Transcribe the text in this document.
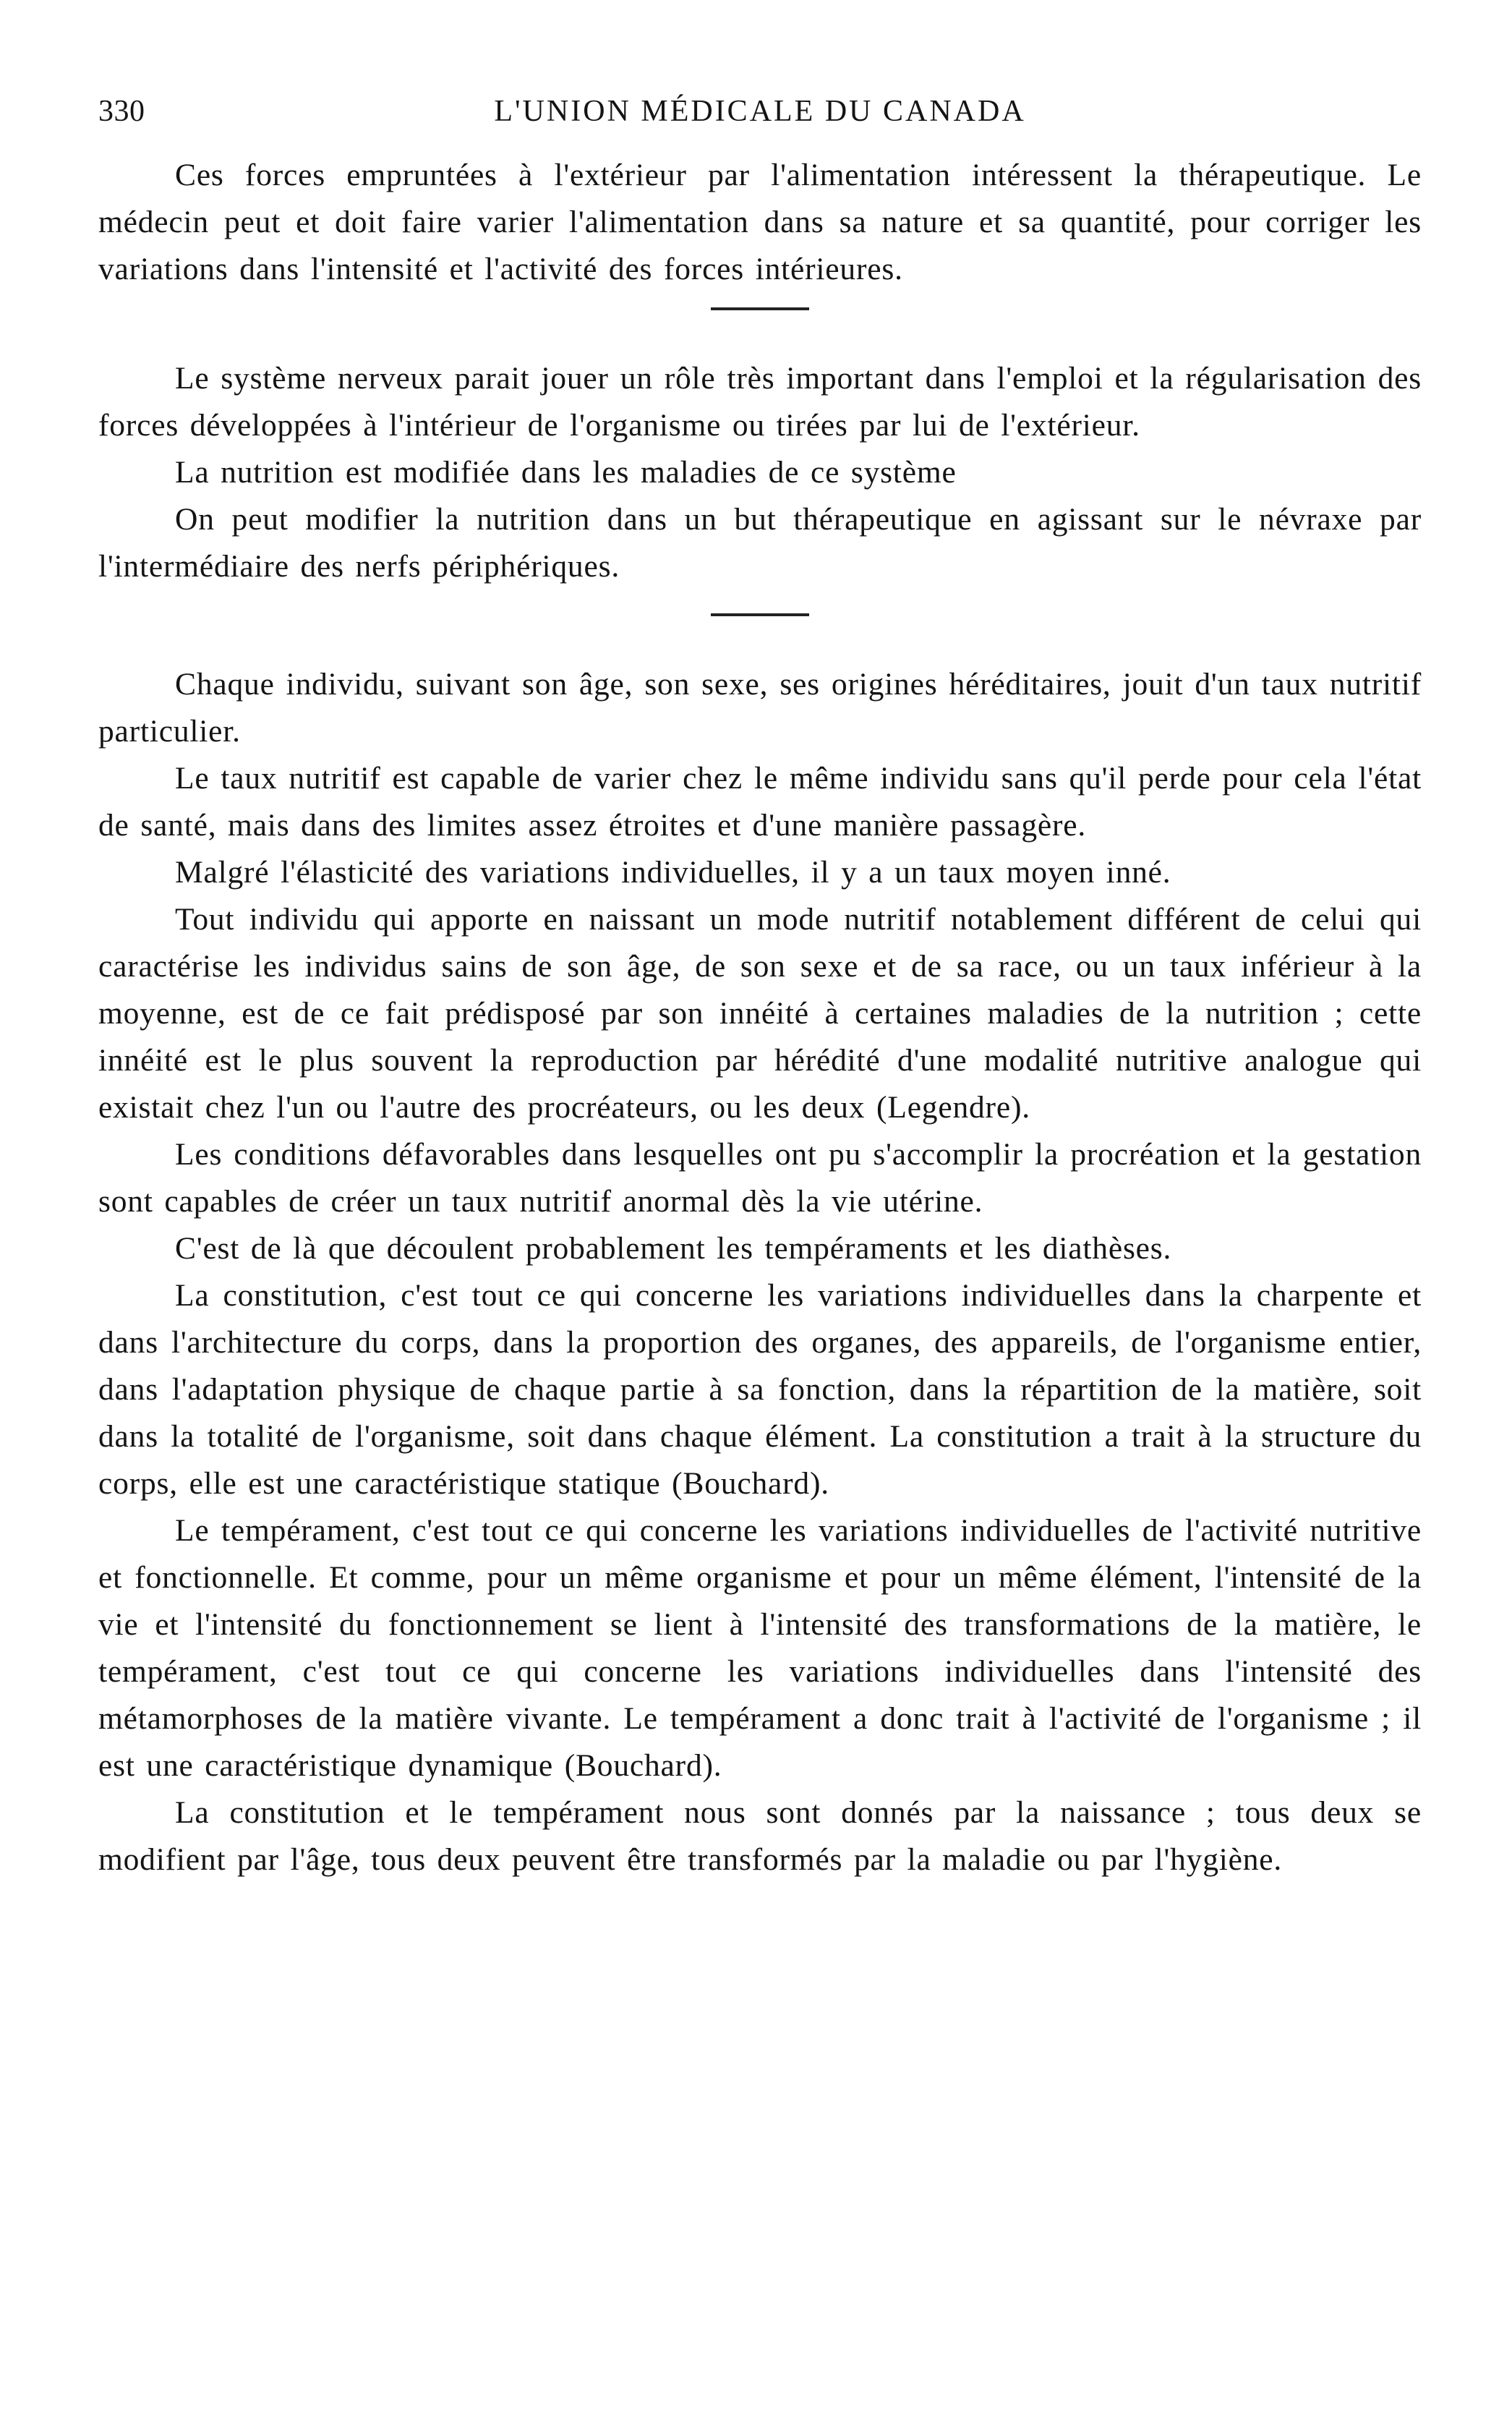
330	L'UNION MÉDICALE DU CANADA

Ces forces empruntées à l'extérieur par l'alimentation intéressent la thérapeutique. Le médecin peut et doit faire varier l'alimentation dans sa nature et sa quantité, pour corriger les variations dans l'intensité et l'activité des forces intérieures.

Le système nerveux parait jouer un rôle très important dans l'emploi et la régularisation des forces développées à l'intérieur de l'organisme ou tirées par lui de l'extérieur.

La nutrition est modifiée dans les maladies de ce système

On peut modifier la nutrition dans un but thérapeutique en agissant sur le névraxe par l'intermédiaire des nerfs périphériques.

Chaque individu, suivant son âge, son sexe, ses origines héréditaires, jouit d'un taux nutritif particulier.

Le taux nutritif est capable de varier chez le même individu sans qu'il perde pour cela l'état de santé, mais dans des limites assez étroites et d'une manière passagère.

Malgré l'élasticité des variations individuelles, il y a un taux moyen inné.

Tout individu qui apporte en naissant un mode nutritif notablement différent de celui qui caractérise les individus sains de son âge, de son sexe et de sa race, ou un taux inférieur à la moyenne, est de ce fait prédisposé par son innéité à certaines maladies de la nutrition ; cette innéité est le plus souvent la reproduction par hérédité d'une modalité nutritive analogue qui existait chez l'un ou l'autre des procréateurs, ou les deux (Legendre).

Les conditions défavorables dans lesquelles ont pu s'accomplir la procréation et la gestation sont capables de créer un taux nutritif anormal dès la vie utérine.

C'est de là que découlent probablement les tempéraments et les diathèses.

La constitution, c'est tout ce qui concerne les variations individuelles dans la charpente et dans l'architecture du corps, dans la proportion des organes, des appareils, de l'organisme entier, dans l'adaptation physique de chaque partie à sa fonction, dans la répartition de la matière, soit dans la totalité de l'organisme, soit dans chaque élément. La constitution a trait à la structure du corps, elle est une caractéristique statique (Bouchard).

Le tempérament, c'est tout ce qui concerne les variations individuelles de l'activité nutritive et fonctionnelle. Et comme, pour un même organisme et pour un même élément, l'intensité de la vie et l'intensité du fonctionnement se lient à l'intensité des transformations de la matière, le tempérament, c'est tout ce qui concerne les variations individuelles dans l'intensité des métamorphoses de la matière vivante. Le tempérament a donc trait à l'activité de l'organisme ; il est une caractéristique dynamique (Bouchard).

La constitution et le tempérament nous sont donnés par la naissance ; tous deux se modifient par l'âge, tous deux peuvent être transformés par la maladie ou par l'hygiène.
